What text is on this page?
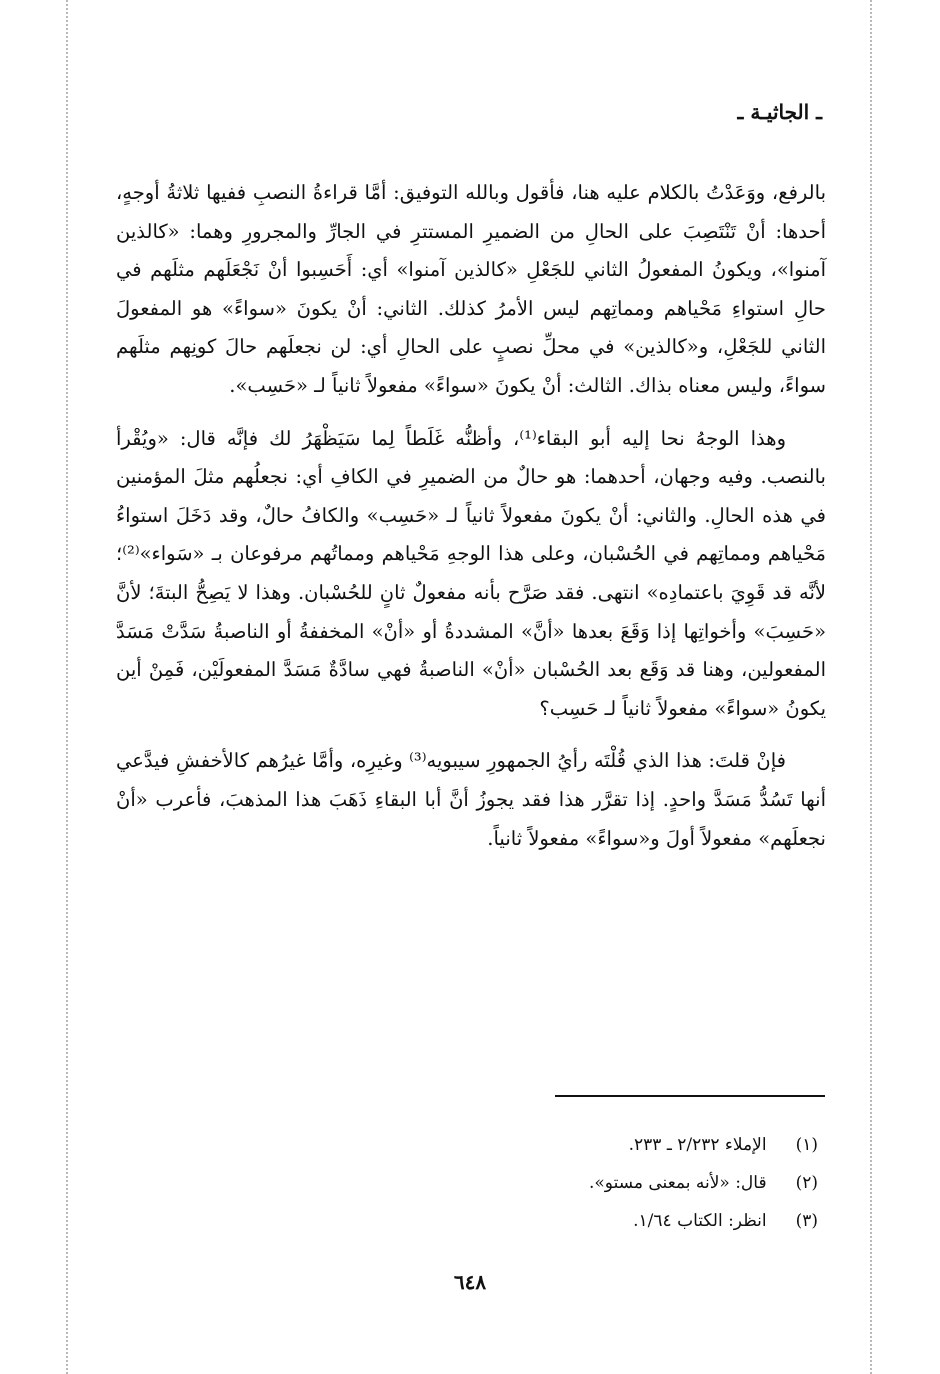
ـ الجاثيـة ـ

بالرفع، ووَعَدْتُ بالكلام عليه هنا، فأقول وبالله التوفيق: أمَّا قراءةُ النصبِ ففيها ثلاثةُ أوجهٍ، أحدها: أنْ تَنْتَصِبَ على الحالِ من الضميرِ المستترِ في الجارِّ والمجرورِ وهما: «كالذين آمنوا»، ويكونُ المفعولُ الثاني للجَعْلِ «كالذين آمنوا» أي: أَحَسِبوا أنْ نَجْعَلَهم مثلَهم في حالِ استواءِ مَحْياهم ومماتِهم ليس الأمرُ كذلك. الثاني: أنْ يكونَ «سواءً» هو المفعولَ الثاني للجَعْلِ، و«كالذين» في محلِّ نصبٍ على الحالِ أي: لن نجعلَهم حالَ كونِهم مثلَهم سواءً، وليس معناه بذاك. الثالث: أنْ يكونَ «سواءً» مفعولاً ثانياً لـ «حَسِب».

وهذا الوجهُ نحا إليه أبو البقاء⁽¹⁾، وأظنُّه غَلَطاً لِما سَيَظْهَرُ لك فإنَّه قال: «ويُقْرأ بالنصب. وفيه وجهان، أحدهما: هو حالٌ من الضميرِ في الكافِ أي: نجعلُهم مثلَ المؤمنين في هذه الحالِ. والثاني: أنْ يكونَ مفعولاً ثانياً لـ «حَسِب» والكافُ حالٌ، وقد دَخَلَ استواءُ مَحْياهم ومماتِهم في الحُسْبان، وعلى هذا الوجهِ مَحْياهم ومماتُهم مرفوعان بـ «سَواء»⁽²⁾؛ لأنَّه قد قَوِيَ باعتمادِه» انتهى. فقد صَرَّح بأنه مفعولٌ ثانٍ للحُسْبان. وهذا لا يَصِحُّ البتةَ؛ لأنَّ «حَسِبَ» وأخواتِها إذا وَقَعَ بعدها «أنَّ» المشددةُ أو «أنْ» المخففةُ أو الناصبةُ سَدَّتْ مَسَدَّ المفعولين، وهنا قد وَقَع بعد الحُسْبان «أنْ» الناصبةُ فهي سادَّةٌ مَسَدَّ المفعولَيْن، فَمِنْ أين يكونُ «سواءً» مفعولاً ثانياً لـ حَسِب؟

فإنْ قلتَ: هذا الذي قُلْتَه رأيُ الجمهورِ سيبويه⁽³⁾ وغيرِه، وأمَّا غيرُهم كالأخفشِ فيدَّعي أنها تَسُدُّ مَسَدَّ واحدٍ. إذا تقرَّر هذا فقد يجوزُ أنَّ أبا البقاءِ ذَهَبَ هذا المذهبَ، فأعرب «أنْ نجعلَهم» مفعولاً أولَ و«سواءً» مفعولاً ثانياً.

(١) الإملاء ٢/٢٣٢ ـ ٢٣٣.

(٢) قال: «لأنه بمعنى مستو».

(٣) انظر: الكتاب ١/٦٤.

٦٤٨
